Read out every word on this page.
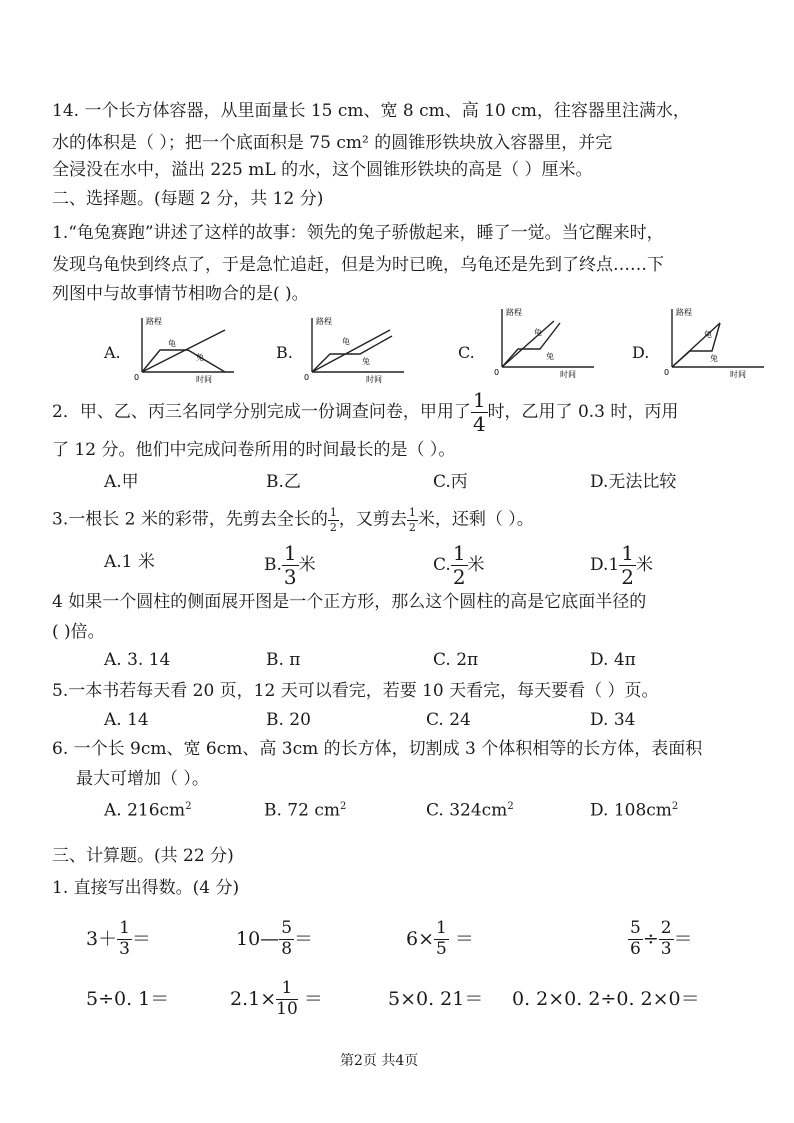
14. 一个长方体容器，从里面量长 15 cm、宽 8 cm、高 10 cm，往容器里注满水，
水的体积是（ ）；把一个底面积是 75 cm² 的圆锥形铁块放入容器里，并完
全浸没在水中，溢出 225 mL 的水，这个圆锥形铁块的高是（ ）厘米。
二、选择题。(每题 2 分，共 12 分)
1.“龟兔赛跑”讲述了这样的故事：领先的兔子骄傲起来，睡了一觉。当它醒来时，
发现乌龟快到终点了，于是急忙追赶，但是为时已晚，乌龟还是先到了终点……下
列图中与故事情节相吻合的是( )。
A.
路程
时间
0
龟
兔	B.
路程
时间
0
龟
兔	C.
路程
时间
0
龟
兔	D.
路程
时间
0
龟
兔
2．甲、乙、丙三名同学分别完成一份调查问卷，甲用了 $\frac{1}{4}$ 时，乙用了 0.3 时，丙用
了 12 分。他们中完成问卷所用的时间最长的是（ ）。
A.甲	B.乙	C.丙	D.无法比较
3.一根长 2 米的彩带，先剪去全长的 $\frac{1}{2}$ ，又剪去 $\frac{1}{2}$ 米，还剩（ ）。
A.1 米	B. $\frac{1}{3}$ 米	C. $\frac{1}{2}$ 米	$D.1 \frac{1}{2}$ 米
4 如果一个圆柱的侧面展开图是一个正方形，那么这个圆柱的高是它底面半径的
( )倍。
A. 3. 14	B. π	C. 2π	D. 4π
5.一本书若每天看 20 页，12 天可以看完，若要 10 天看完，每天要看（ ）页。
A. 14	B. 20	C. 24	D. 34
6. 一个长 9cm、宽 6cm、高 3cm 的长方体，切割成 3 个体积相等的长方体，表面积
最大可增加（ ）。
A. $216cm^2$	B. 72 $cm^2$	C. $324cm^2$	D. $108cm^2$
三、计算题。(共 22 分)
1. 直接写出得数。(4 分)
$3+ \frac{1}{3}$ ＝	10— $\frac{5}{8}$ ＝	$6\times \frac{1}{5}$ ＝	$\frac{5}{6} \div \frac{2}{3}$ ＝
5÷0. 1＝	$2.1\times \frac{1}{10}$ ＝	5×0. 21＝ 0. 2×0. 2÷0. 2×0＝
第2页 共4页
